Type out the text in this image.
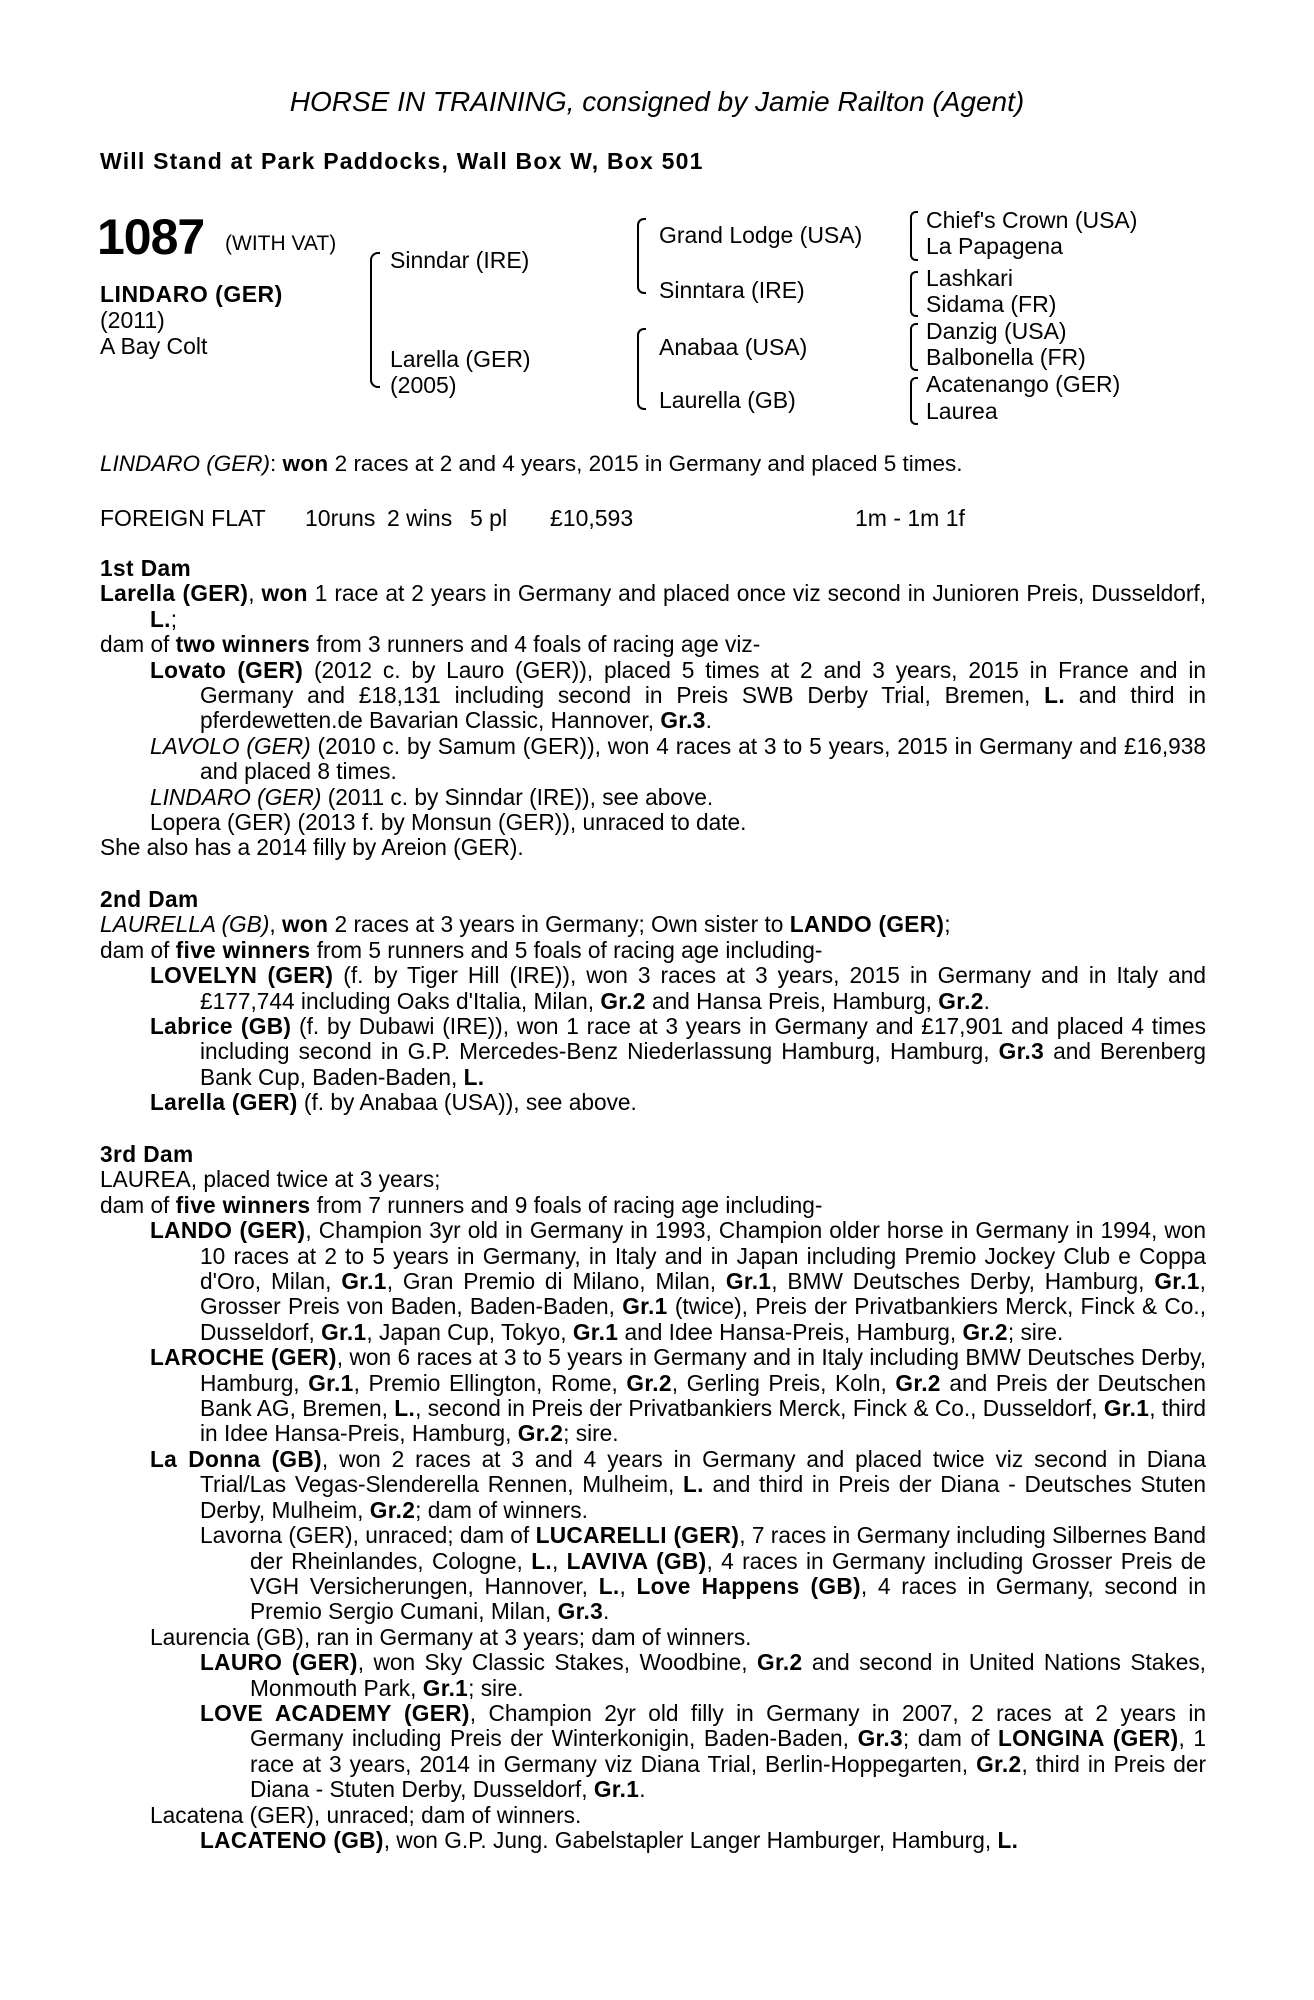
HORSE IN TRAINING, consigned by Jamie Railton (Agent)
Will Stand at Park Paddocks, Wall Box W, Box 501
1087 (WITH VAT)
LINDARO (GER)
(2011)
A Bay Colt
Sinndar (IRE)
Larella (GER)
(2005)
Grand Lodge (USA)
Sinntara (IRE)
Anabaa (USA)
Laurella (GB)
Chief's Crown (USA)
La Papagena
Lashkari
Sidama (FR)
Danzig (USA)
Balbonella (FR)
Acatenango (GER)
Laurea
LINDARO (GER): won 2 races at 2 and 4 years, 2015 in Germany and placed 5 times.
FOREIGN FLAT 10runs 2 wins 5 pl £10,593	1m - 1m 1f

1st Dam

Larella (GER), won 1 race at 2 years in Germany and placed once viz second in Junioren Preis, Dusseldorf, L.;

dam of two winners from 3 runners and 4 foals of racing age viz-

Lovato (GER) (2012 c. by Lauro (GER)), placed 5 times at 2 and 3 years, 2015 in France and in Germany and £18,131 including second in Preis SWB Derby Trial, Bremen, L. and third in pferdewetten.de Bavarian Classic, Hannover, Gr.3.

LAVOLO (GER) (2010 c. by Samum (GER)), won 4 races at 3 to 5 years, 2015 in Germany and £16,938 and placed 8 times.

LINDARO (GER) (2011 c. by Sinndar (IRE)), see above.

Lopera (GER) (2013 f. by Monsun (GER)), unraced to date.

She also has a 2014 filly by Areion (GER).

2nd Dam

LAURELLA (GB), won 2 races at 3 years in Germany; Own sister to LANDO (GER);

dam of five winners from 5 runners and 5 foals of racing age including-

LOVELYN (GER) (f. by Tiger Hill (IRE)), won 3 races at 3 years, 2015 in Germany and in Italy and £177,744 including Oaks d'Italia, Milan, Gr.2 and Hansa Preis, Hamburg, Gr.2.

Labrice (GB) (f. by Dubawi (IRE)), won 1 race at 3 years in Germany and £17,901 and placed 4 times including second in G.P. Mercedes-Benz Niederlassung Hamburg, Hamburg, Gr.3 and Berenberg Bank Cup, Baden-Baden, L.

Larella (GER) (f. by Anabaa (USA)), see above.

3rd Dam

LAUREA, placed twice at 3 years;

dam of five winners from 7 runners and 9 foals of racing age including-

LANDO (GER), Champion 3yr old in Germany in 1993, Champion older horse in Germany in 1994, won 10 races at 2 to 5 years in Germany, in Italy and in Japan including Premio Jockey Club e Coppa d'Oro, Milan, Gr.1, Gran Premio di Milano, Milan, Gr.1, BMW Deutsches Derby, Hamburg, Gr.1, Grosser Preis von Baden, Baden-Baden, Gr.1 (twice), Preis der Privatbankiers Merck, Finck & Co., Dusseldorf, Gr.1, Japan Cup, Tokyo, Gr.1 and Idee Hansa-Preis, Hamburg, Gr.2; sire.

LAROCHE (GER), won 6 races at 3 to 5 years in Germany and in Italy including BMW Deutsches Derby, Hamburg, Gr.1, Premio Ellington, Rome, Gr.2, Gerling Preis, Koln, Gr.2 and Preis der Deutschen Bank AG, Bremen, L., second in Preis der Privatbankiers Merck, Finck & Co., Dusseldorf, Gr.1, third in Idee Hansa-Preis, Hamburg, Gr.2; sire.

La Donna (GB), won 2 races at 3 and 4 years in Germany and placed twice viz second in Diana Trial/Las Vegas-Slenderella Rennen, Mulheim, L. and third in Preis der Diana - Deutsches Stuten Derby, Mulheim, Gr.2; dam of winners.

Lavorna (GER), unraced; dam of LUCARELLI (GER), 7 races in Germany including Silbernes Band der Rheinlandes, Cologne, L., LAVIVA (GB), 4 races in Germany including Grosser Preis de VGH Versicherungen, Hannover, L., Love Happens (GB), 4 races in Germany, second in Premio Sergio Cumani, Milan, Gr.3.

Laurencia (GB), ran in Germany at 3 years; dam of winners.

LAURO (GER), won Sky Classic Stakes, Woodbine, Gr.2 and second in United Nations Stakes, Monmouth Park, Gr.1; sire.

LOVE ACADEMY (GER), Champion 2yr old filly in Germany in 2007, 2 races at 2 years in Germany including Preis der Winterkonigin, Baden-Baden, Gr.3; dam of LONGINA (GER), 1 race at 3 years, 2014 in Germany viz Diana Trial, Berlin-Hoppegarten, Gr.2, third in Preis der Diana - Stuten Derby, Dusseldorf, Gr.1.

Lacatena (GER), unraced; dam of winners.

LACATENO (GB), won G.P. Jung. Gabelstapler Langer Hamburger, Hamburg, L.
